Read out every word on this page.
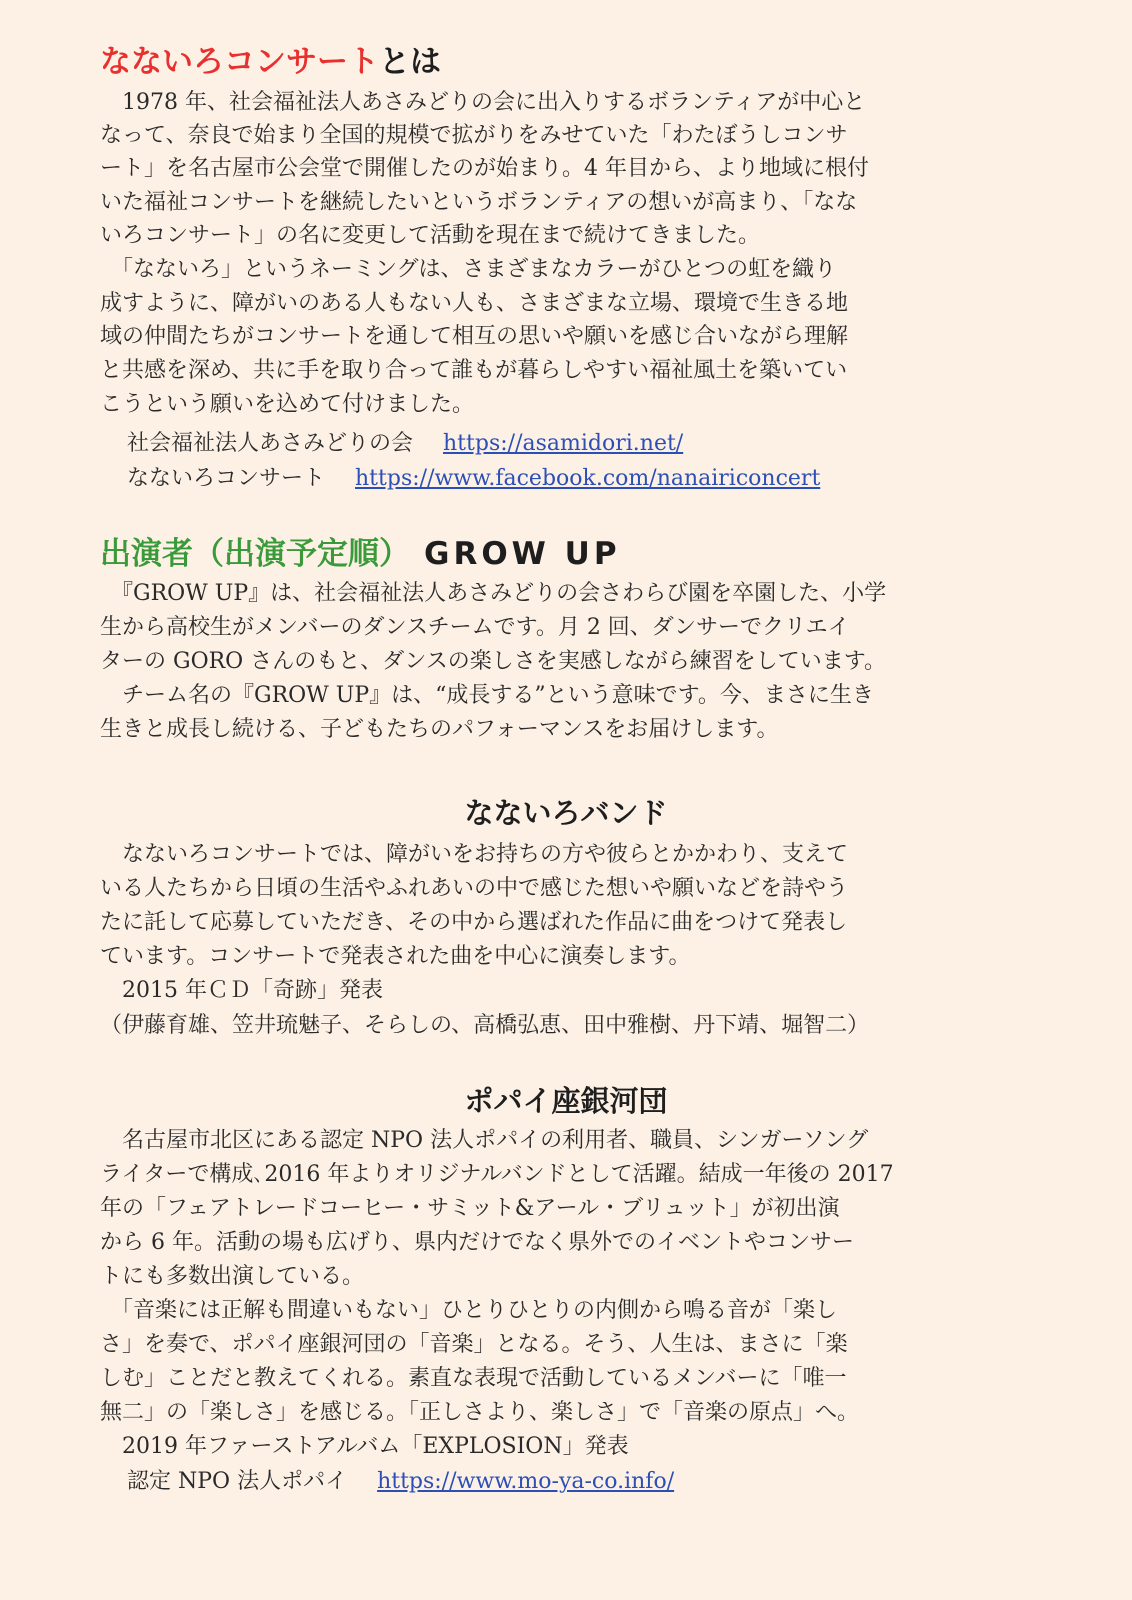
なないろコンサートとは

　1978 年、社会福祉法人あさみどりの会に出入りするボランティアが中心と

なって、奈良で始まり全国的規模で拡がりをみせていた「わたぼうしコンサ

ート」を名古屋市公会堂で開催したのが始まり。4 年目から、より地域に根付

いた福祉コンサートを継続したいというボランティアの想いが高まり、「なな

いろコンサート」の名に変更して活動を現在まで続けてきました。

　「なないろ」というネーミングは、さまざまなカラーがひとつの虹を織り

成すように、障がいのある人もない人も、さまざまな立場、環境で生きる地

域の仲間たちがコンサートを通して相互の思いや願いを感じ合いながら理解

と共感を深め、共に手を取り合って誰もが暮らしやすい福祉風土を築いてい

こうという願いを込めて付けました。

社会福祉法人あさみどりの会 https://asamidori.net/
なないろコンサート https://www.facebook.com/nanairiconcert
出演者（出演予定順） GROW UP

　『GROW UP』は、社会福祉法人あさみどりの会さわらび園を卒園した、小学

生から高校生がメンバーのダンスチームです。月 2 回、ダンサーでクリエイ

ターの GORO さんのもと、ダンスの楽しさを実感しながら練習をしています。

　チーム名の『GROW UP』は、“成長する”という意味です。今、まさに生き

生きと成長し続ける、子どもたちのパフォーマンスをお届けします。

なないろバンド

　なないろコンサートでは、障がいをお持ちの方や彼らとかかわり、支えて

いる人たちから日頃の生活やふれあいの中で感じた想いや願いなどを詩やう

たに託して応募していただき、その中から選ばれた作品に曲をつけて発表し

ています。コンサートで発表された曲を中心に演奏します。

　2015 年ＣＤ「奇跡」発表

（伊藤育雄、笠井琉魅子、そらしの、高橋弘恵、田中雅樹、丹下靖、堀智二）

ポパイ座銀河団

　名古屋市北区にある認定 NPO 法人ポパイの利用者、職員、シンガーソング

ライターで構成､2016 年よりオリジナルバンドとして活躍。結成一年後の 2017

年の「フェアトレードコーヒー・サミット&アール・ブリュット」が初出演

から 6 年。活動の場も広げり、県内だけでなく県外でのイベントやコンサー

トにも多数出演している。

　「音楽には正解も間違いもない」ひとりひとりの内側から鳴る音が「楽し

さ」を奏で、ポパイ座銀河団の「音楽」となる。そう、人生は、まさに「楽

しむ」ことだと教えてくれる。素直な表現で活動しているメンバーに「唯一

無二」の「楽しさ」を感じる。「正しさより、楽しさ」で「音楽の原点」へ。

　2019 年ファーストアルバム「EXPLOSION」発表

認定 NPO 法人ポパイ https://www.mo-ya-co.info/
